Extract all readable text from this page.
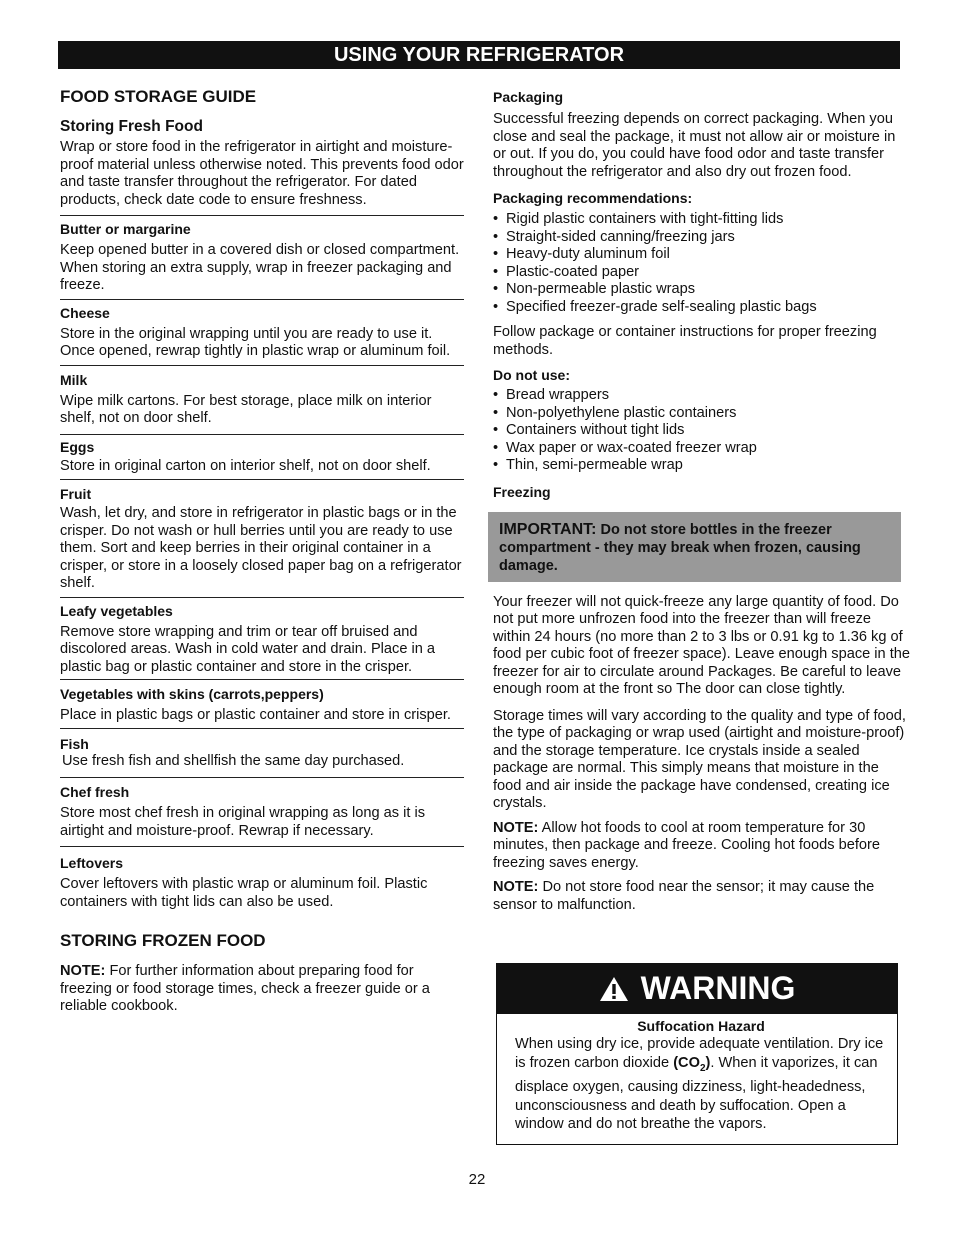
USING YOUR REFRIGERATOR
FOOD STORAGE GUIDE
Storing Fresh Food

Wrap or store food in the refrigerator in airtight and moisture-proof material unless otherwise noted. This prevents food odor and taste transfer throughout the refrigerator. For dated products, check date code to ensure freshness.

Butter or margarine

Keep opened butter in a covered dish or closed compartment. When storing an extra supply, wrap in freezer packaging and freeze.

Cheese

Store in the original wrapping until you are ready to use it. Once opened, rewrap tightly in plastic wrap or aluminum foil.

Milk

Wipe milk cartons. For best storage, place milk on interior shelf, not on door shelf.

Eggs

Store in original carton on interior shelf, not on door shelf.

Fruit

Wash, let dry, and store in refrigerator in plastic bags or in the crisper. Do not wash or hull berries until you are ready to use them. Sort and keep berries in their original container in a crisper, or store in a loosely closed paper bag on a refrigerator shelf.

Leafy vegetables

Remove store wrapping and trim or tear off bruised and discolored areas. Wash in cold water and drain. Place in a plastic bag or plastic container and store in the crisper.

Vegetables with skins (carrots,peppers)

Place in plastic bags or plastic container and store in crisper.

Fish

Use fresh fish and shellfish the same day purchased.

Chef fresh

Store most chef fresh in original wrapping as long as it is airtight and moisture-proof. Rewrap if necessary.

Leftovers

Cover leftovers with plastic wrap or aluminum foil. Plastic containers with tight lids can also be used.

STORING FROZEN FOOD

NOTE: For further information about preparing food for freezing or food storage times, check a freezer guide or a reliable cookbook.

Packaging

Successful freezing depends on correct packaging. When you close and seal the package, it must not allow air or moisture in or out. If you do, you could have food odor and taste transfer throughout the refrigerator and also dry out frozen food.

Packaging recommendations:
• Rigid plastic containers with tight-fitting lids
• Straight-sided canning/freezing jars
• Heavy-duty aluminum foil
• Plastic-coated paper
• Non-permeable plastic wraps
• Specified freezer-grade self-sealing plastic bags

Follow package or container instructions for proper freezing methods.

Do not use:
• Bread wrappers
• Non-polyethylene plastic containers
• Containers without tight lids
• Wax paper or wax-coated freezer wrap
• Thin, semi-permeable wrap
Freezing
IMPORTANT: Do not store bottles in the freezer compartment - they may break when frozen, causing damage.

Your freezer will not quick-freeze any large quantity of food. Do not put more unfrozen food into the freezer than will freeze within 24 hours (no more than 2 to 3 lbs or 0.91 kg to 1.36 kg of food per cubic foot of freezer space). Leave enough space in the freezer for air to circulate around Packages. Be careful to leave enough room at the front so The door can close tightly.

Storage times will vary according to the quality and type of food, the type of packaging or wrap used (airtight and moisture-proof) and the storage temperature. Ice crystals inside a sealed package are normal. This simply means that moisture in the food and air inside the package have condensed, creating ice crystals.

NOTE: Allow hot foods to cool at room temperature for 30 minutes, then package and freeze. Cooling hot foods before freezing saves energy.

NOTE: Do not store food near the sensor; it may cause the sensor to malfunction.

WARNING
Suffocation Hazard

When using dry ice, provide adequate ventilation. Dry ice is frozen carbon dioxide $(CO_2)$. When it vaporizes, it can displace oxygen, causing dizziness, light-headedness, unconsciousness and death by suffocation. Open a window and do not breathe the vapors.

22
